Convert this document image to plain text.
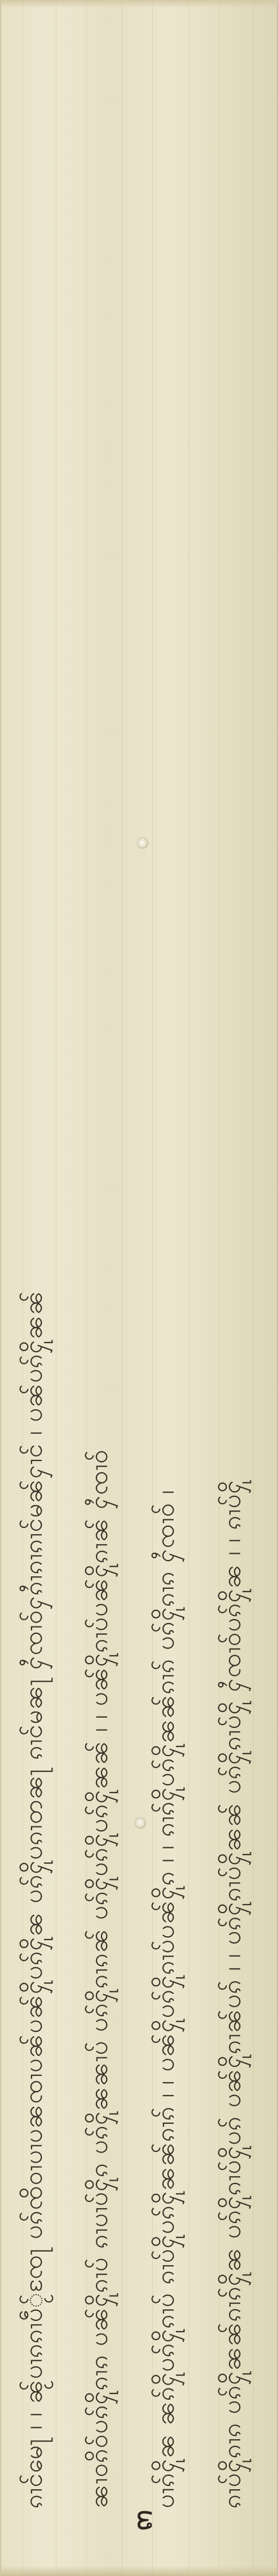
ၵၢင်မေႃ ၊ ၊ ၼႂ်ပၢၵၵၢပဵႂ်ၸႄႃ ပၵ်ၸိဝၢပၢပၼၸၢပၼ်ပၼ်ႁိုပၵ်ႁိုၼ ပၵ်ႁိုပၵၢတၼႃ ၵၢင်မၼႃ ႁႆၸၢဝ်ႁၵၢႆၵၢၵၢင်မၼ်ႁၢင် ၊ ပၼ်ပၵ်ႁိုၼၼ် ၼၢဝၵိဝ်ပၵ်ႁိုၵၢၵ ပၼ်ႁိုၵၢပ် ၵၢပၢပ်ႁိုၵ ပၵ်ႁိုၼၼၢပ် ပၵ်ႁိုၵၢၵၼ် ပၵ်ႁိုပၵ်ႁိုပၵ်ႁိုၼၼ် ၊ ၊ ပၼ်ႁိုၵၢပ်ပၼ်ႁိုၵၢၼ် ႁႆၸၢဝ် ပၢၵ်ႁိုၼ ၼၵ်ႁိုပၵ်ႁိုၵၢပ် ၵၢပ်ႁိုပၵ်ႁိုၼၼ်ၵၢၵ် ၊ ၊ ပၼ်ႁိုပၵ်ႁိုၵၢပ်ပၼ်ႁိုၵ ၊ ၊ ၵၢၵ်ႁိုပၵ်ႁိုၼၼ်ၵၢၵ် ပၵ်ႁိုၵၢၵ ႁႆၸၢဝ် ၊ ၵၢပ်ႁိုၵၢၵ ပၵ်ႁိုၼၼ်ၵၢၵ်ႁိုၼ ပၵ်ႁိုၵၢပ်ႁိုပၵ် ပၼ်ႁိုၵၢၼ်ပၵ် ၊ ၊ ပၵ်ႁိုၵၢပ်ႁိုၼၼ် ပၵ်ႁိုၵၢပ်ႁို ႁႆၸၢဝ်ပၵ်ႁိုၼ ၊ ၊ ၵၢပ်ႁို
๓
